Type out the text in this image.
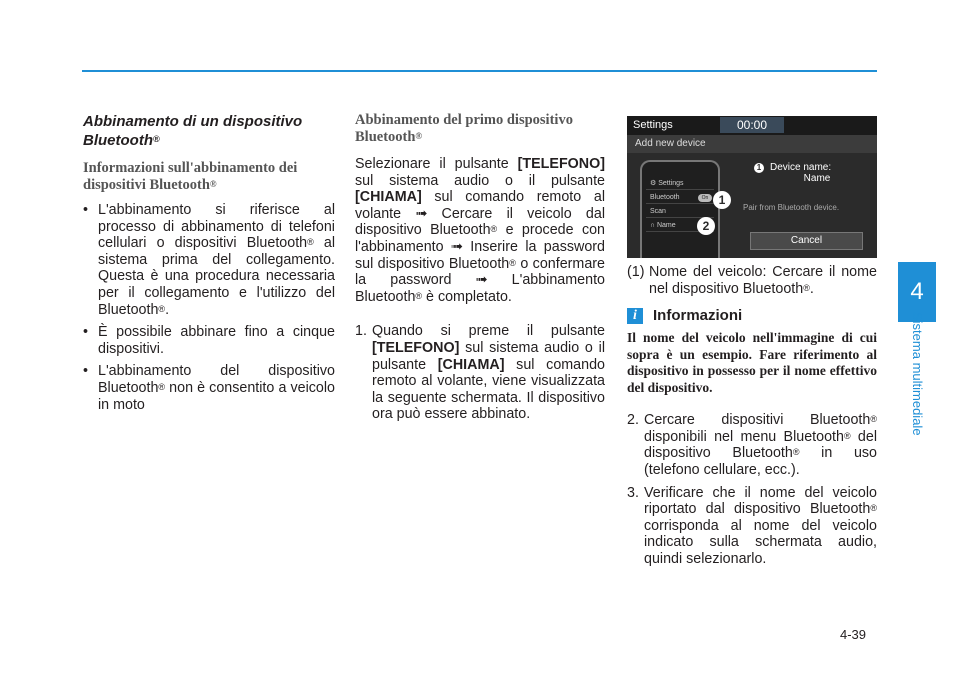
4
Sistema multimediale
Abbinamento di un dispositivo Bluetooth®
Informazioni sull'abbinamento dei dispositivi Bluetooth®
• L'abbinamento si riferisce al processo di abbinamento di telefoni cellulari o dispositivi Bluetooth® al sistema prima del collegamento. Questa è una procedura necessaria per il collegamento e l'utilizzo del Bluetooth®.
• È possibile abbinare fino a cinque dispositivi.
• L'abbinamento del dispositivo Bluetooth® non è consentito a veicolo in moto
Abbinamento del primo dispositivo Bluetooth®

Selezionare il pulsante [TELEFONO] sul sistema audio o il pulsante [CHIAMA] sul comando remoto al volante ➟ Cercare il veicolo dal dispositivo Bluetooth® e procede con l'abbinamento ➟ Inserire la password sul dispositivo Bluetooth® o confermare la password ➟ L'abbinamento Bluetooth® è completato.

1. Quando si preme il pulsante [TELEFONO] sul sistema audio o il pulsante [CHIAMA] sul comando remoto al volante, viene visualizzata la seguente schermata. Il dispositivo ora può essere abbinato.
Settings	00:00
Add new device
⚙ Settings
Bluetooth	On
Scan
∩ Name
1
2
1 Device name:
Name
Pair from Bluetooth device.
Cancel
(1) Nome del veicolo: Cercare il nome nel dispositivo Bluetooth®.
i	Informazioni

Il nome del veicolo nell'immagine di cui sopra è un esempio. Fare riferimento al dispositivo in possesso per il nome effettivo del dispositivo.

2. Cercare dispositivi Bluetooth® disponibili nel menu Bluetooth® del dispositivo Bluetooth® in uso (telefono cellulare, ecc.).
3. Verificare che il nome del veicolo riportato dal dispositivo Bluetooth® corrisponda al nome del veicolo indicato sulla schermata audio, quindi selezionarlo.
4-39
